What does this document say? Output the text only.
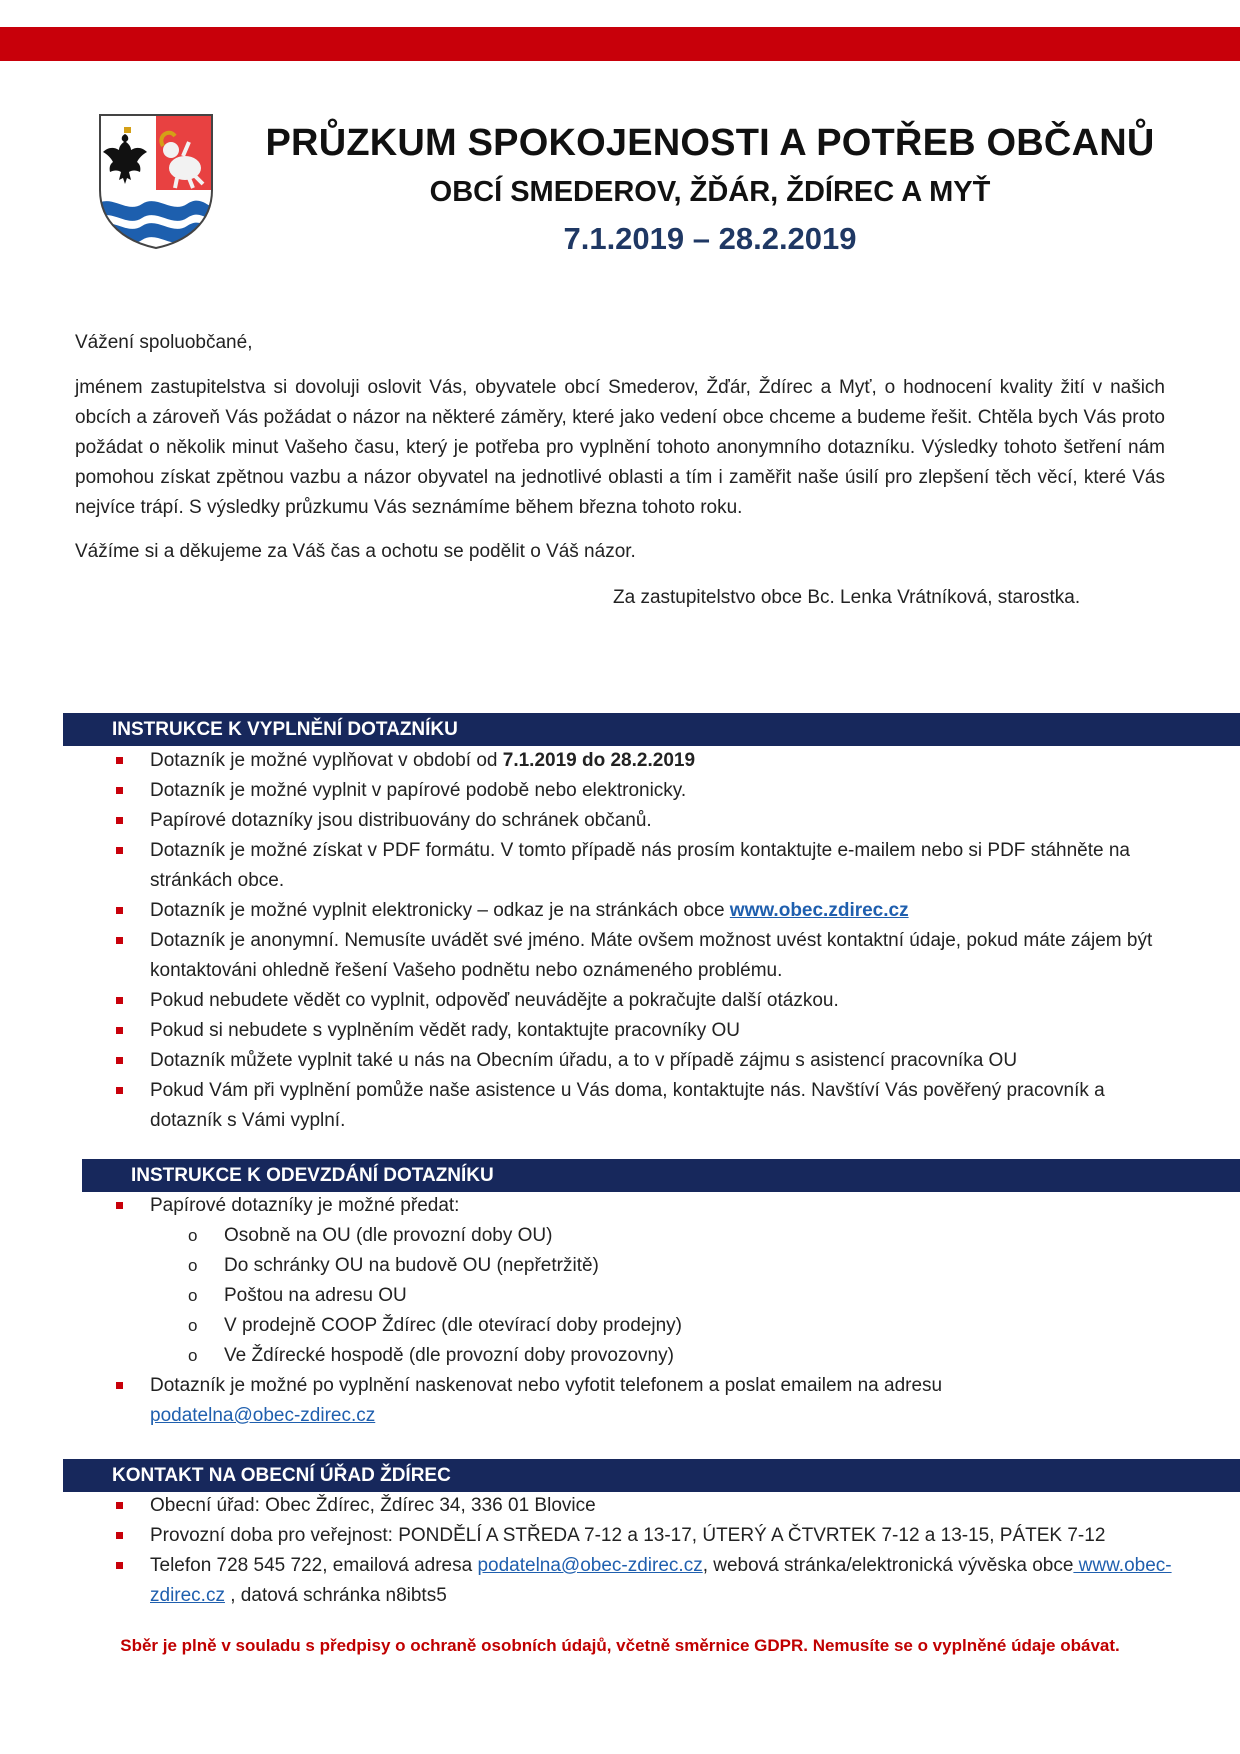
PRŮZKUM SPOKOJENOSTI A POTŘEB OBČANŮ
OBCÍ SMEDEROV, ŽĎÁR, ŽDÍREC A MYŤ
7.1.2019 – 28.2.2019

Vážení spoluobčané,

jménem zastupitelstva si dovoluji oslovit Vás, obyvatele obcí Smederov, Žďár, Ždírec a Myť, o hodnocení kvality žití v našich obcích a zároveň Vás požádat o názor na některé záměry, které jako vedení obce chceme a budeme řešit. Chtěla bych Vás proto požádat o několik minut Vašeho času, který je potřeba pro vyplnění tohoto anonymního dotazníku. Výsledky tohoto šetření nám pomohou získat zpětnou vazbu a názor obyvatel na jednotlivé oblasti a tím i zaměřit naše úsilí pro zlepšení těch věcí, které Vás nejvíce trápí. S výsledky průzkumu Vás seznámíme během března tohoto roku.

Vážíme si a děkujeme za Váš čas a ochotu se podělit o Váš názor.

Za zastupitelstvo obce Bc. Lenka Vrátníková, starostka.

INSTRUKCE K VYPLNĚNÍ DOTAZNÍKU
Dotazník je možné vyplňovat v období od 7.1.2019 do 28.2.2019
Dotazník je možné vyplnit v papírové podobě nebo elektronicky.
Papírové dotazníky jsou distribuovány do schránek občanů.
Dotazník je možné získat v PDF formátu. V tomto případě nás prosím kontaktujte e-mailem nebo si PDF stáhněte na stránkách obce.
Dotazník je možné vyplnit elektronicky – odkaz je na stránkách obce www.obec.zdirec.cz
Dotazník je anonymní. Nemusíte uvádět své jméno. Máte ovšem možnost uvést kontaktní údaje, pokud máte zájem být kontaktováni ohledně řešení Vašeho podnětu nebo oznámeného problému.
Pokud nebudete vědět co vyplnit, odpověď neuvádějte a pokračujte další otázkou.
Pokud si nebudete s vyplněním vědět rady, kontaktujte pracovníky OU
Dotazník můžete vyplnit také u nás na Obecním úřadu, a to v případě zájmu s asistencí pracovníka OU
Pokud Vám při vyplnění pomůže naše asistence u Vás doma, kontaktujte nás. Navštíví Vás pověřený pracovník a dotazník s Vámi vyplní.
INSTRUKCE K ODEVZDÁNÍ DOTAZNÍKU
Papírové dotazníky je možné předat:
o Osobně na OU (dle provozní doby OU)
o Do schránky OU na budově OU (nepřetržitě)
o Poštou na adresu OU
o V prodejně COOP Ždírec (dle otevírací doby prodejny)
o Ve Ždírecké hospodě (dle provozní doby provozovny)
Dotazník je možné po vyplnění naskenovat nebo vyfotit telefonem a poslat emailem na adresu
podatelna@obec-zdirec.cz
KONTAKT NA OBECNÍ ÚŘAD ŽDÍREC
Obecní úřad: Obec Ždírec, Ždírec 34, 336 01 Blovice
Provozní doba pro veřejnost: PONDĚLÍ A STŘEDA 7-12 a 13-17, ÚTERÝ A ČTVRTEK 7-12 a 13-15, PÁTEK 7-12
Telefon 728 545 722, emailová adresa podatelna@obec-zdirec.cz, webová stránka/elektronická vývěska obce www.obec-zdirec.cz , datová schránka n8ibts5
Sběr je plně v souladu s předpisy o ochraně osobních údajů, včetně směrnice GDPR. Nemusíte se o vyplněné údaje obávat.
